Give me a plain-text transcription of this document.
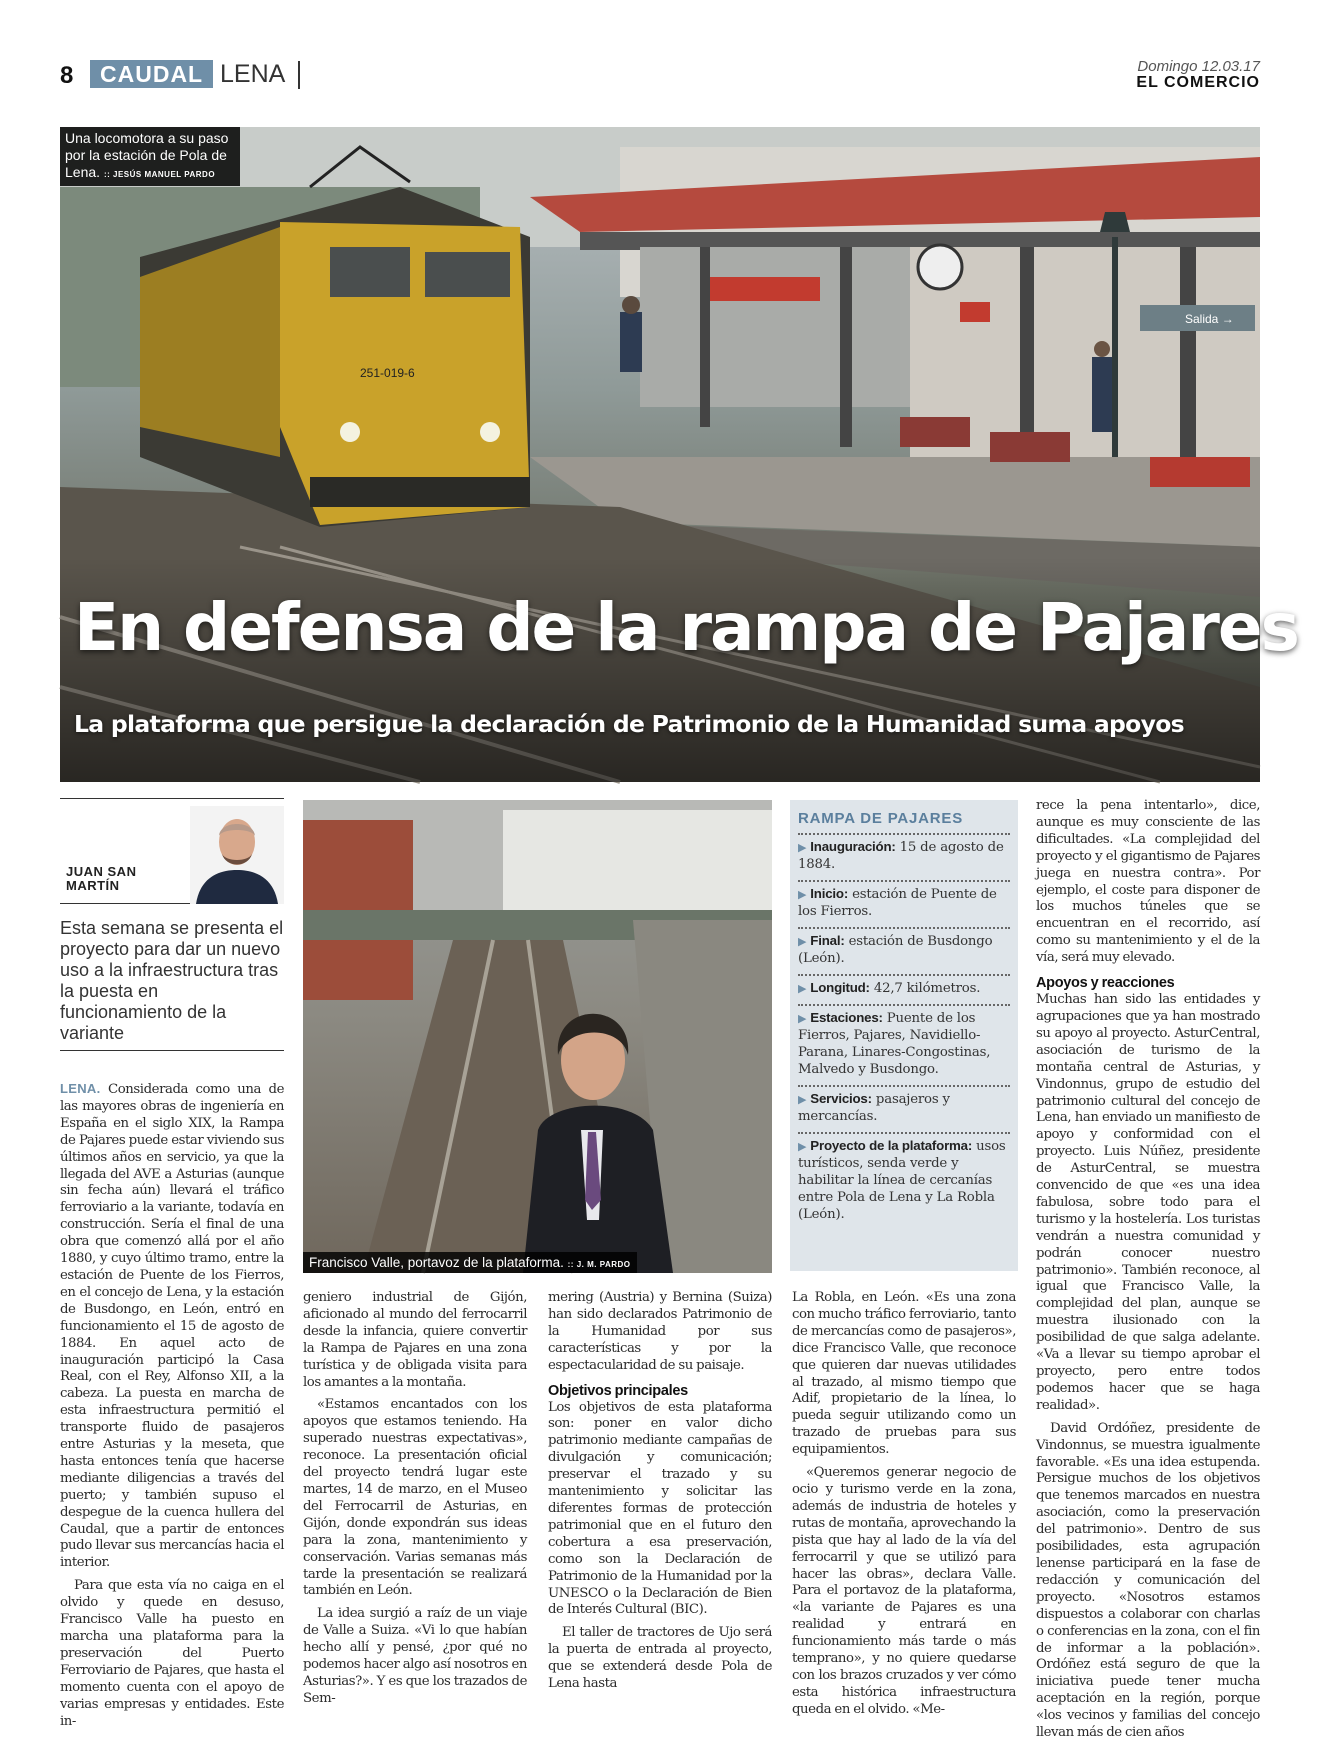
8	CAUDAL LENA	Domingo 12.03.17
EL COMERCIO
Salida →
251-019-6
Una locomotora a su paso por la estación de Pola de Lena. :: JESÚS MANUEL PARDO
En defensa de la rampa de Pajares
La plataforma que persigue la declaración de Patrimonio de la Humanidad suma apoyos
JUAN SAN
MARTÍN
Esta semana se presenta el proyecto para dar un nuevo uso a la infraestructura tras la puesta en funcionamiento de la variante

LENA. Considerada como una de las mayores obras de ingeniería en España en el siglo XIX, la Rampa de Pajares puede estar viviendo sus últimos años en servicio, ya que la llegada del AVE a Asturias (aunque sin fecha aún) llevará el tráfico ferroviario a la variante, todavía en construcción. Sería el final de una obra que comenzó allá por el año 1880, y cuyo último tramo, entre la estación de Puente de los Fierros, en el concejo de Lena, y la estación de Busdongo, en León, entró en funcionamiento el 15 de agosto de 1884. En aquel acto de inauguración participó la Casa Real, con el Rey, Alfonso XII, a la cabeza. La puesta en marcha de esta infraestructura permitió el transporte fluido de pasajeros entre Asturias y la meseta, que hasta entonces tenía que hacerse mediante diligencias a través del puerto; y también supuso el despegue de la cuenca hullera del Caudal, que a partir de entonces pudo llevar sus mercancías hacia el interior.

Para que esta vía no caiga en el olvido y quede en desuso, Francisco Valle ha puesto en marcha una plataforma para la preservación del Puerto Ferroviario de Pajares, que hasta el momento cuenta con el apoyo de varias empresas y entidades. Este in-

Francisco Valle, portavoz de la plataforma. :: J. M. PARDO
RAMPA DE PAJARES
▶ Inauguración: 15 de agosto de 1884.
▶ Inicio: estación de Puente de los Fierros.
▶ Final: estación de Busdongo (León).
▶ Longitud: 42,7 kilómetros.
▶ Estaciones: Puente de los Fierros, Pajares, Navidiello-Parana, Linares-Congostinas, Malvedo y Busdongo.
▶ Servicios: pasajeros y mercancías.
▶ Proyecto de la plataforma: usos turísticos, senda verde y habilitar la línea de cercanías entre Pola de Lena y La Robla (León).

geniero industrial de Gijón, aficionado al mundo del ferrocarril desde la infancia, quiere convertir la Rampa de Pajares en una zona turística y de obligada visita para los amantes a la montaña.

«Estamos encantados con los apoyos que estamos teniendo. Ha superado nuestras expectativas», reconoce. La presentación oficial del proyecto tendrá lugar este martes, 14 de marzo, en el Museo del Ferrocarril de Asturias, en Gijón, donde expondrán sus ideas para la zona, mantenimiento y conservación. Varias semanas más tarde la presentación se realizará también en León.

La idea surgió a raíz de un viaje de Valle a Suiza. «Vi lo que habían hecho allí y pensé, ¿por qué no podemos hacer algo así nosotros en Asturias?». Y es que los trazados de Sem-

mering (Austria) y Bernina (Suiza) han sido declarados Patrimonio de la Humanidad por sus características y por la espectacularidad de su paisaje.

Objetivos principales

Los objetivos de esta plataforma son: poner en valor dicho patrimonio mediante campañas de divulgación y comunicación; preservar el trazado y su mantenimiento y solicitar las diferentes formas de protección patrimonial que en el futuro den cobertura a esa preservación, como son la Declaración de Patrimonio de la Humanidad por la UNESCO o la Declaración de Bien de Interés Cultural (BIC).

El taller de tractores de Ujo será la puerta de entrada al proyecto, que se extenderá desde Pola de Lena hasta

La Robla, en León. «Es una zona con mucho tráfico ferroviario, tanto de mercancías como de pasajeros», dice Francisco Valle, que reconoce que quieren dar nuevas utilidades al trazado, al mismo tiempo que Adif, propietario de la línea, lo pueda seguir utilizando como un trazado de pruebas para sus equipamientos.

«Queremos generar negocio de ocio y turismo verde en la zona, además de industria de hoteles y rutas de montaña, aprovechando la pista que hay al lado de la vía del ferrocarril y que se utilizó para hacer las obras», declara Valle. Para el portavoz de la plataforma, «la variante de Pajares es una realidad y entrará en funcionamiento más tarde o más temprano», y no quiere quedarse con los brazos cruzados y ver cómo esta histórica infraestructura queda en el olvido. «Me-

rece la pena intentarlo», dice, aunque es muy consciente de las dificultades. «La complejidad del proyecto y el gigantismo de Pajares juega en nuestra contra». Por ejemplo, el coste para disponer de los muchos túneles que se encuentran en el recorrido, así como su mantenimiento y el de la vía, será muy elevado.

Apoyos y reacciones

Muchas han sido las entidades y agrupaciones que ya han mostrado su apoyo al proyecto. AsturCentral, asociación de turismo de la montaña central de Asturias, y Vindonnus, grupo de estudio del patrimonio cultural del concejo de Lena, han enviado un manifiesto de apoyo y conformidad con el proyecto. Luis Núñez, presidente de AsturCentral, se muestra convencido de que «es una idea fabulosa, sobre todo para el turismo y la hostelería. Los turistas vendrán a nuestra comunidad y podrán conocer nuestro patrimonio». También reconoce, al igual que Francisco Valle, la complejidad del plan, aunque se muestra ilusionado con la posibilidad de que salga adelante. «Va a llevar su tiempo aprobar el proyecto, pero entre todos podemos hacer que se haga realidad».

David Ordóñez, presidente de Vindonnus, se muestra igualmente favorable. «Es una idea estupenda. Persigue muchos de los objetivos que tenemos marcados en nuestra asociación, como la preservación del patrimonio». Dentro de sus posibilidades, esta agrupación lenense participará en la fase de redacción y comunicación del proyecto. «Nosotros estamos dispuestos a colaborar con charlas o conferencias en la zona, con el fin de informar a la población». Ordóñez está seguro de que la iniciativa puede tener mucha aceptación en la región, porque «los vecinos y familias del concejo llevan más de cien años
